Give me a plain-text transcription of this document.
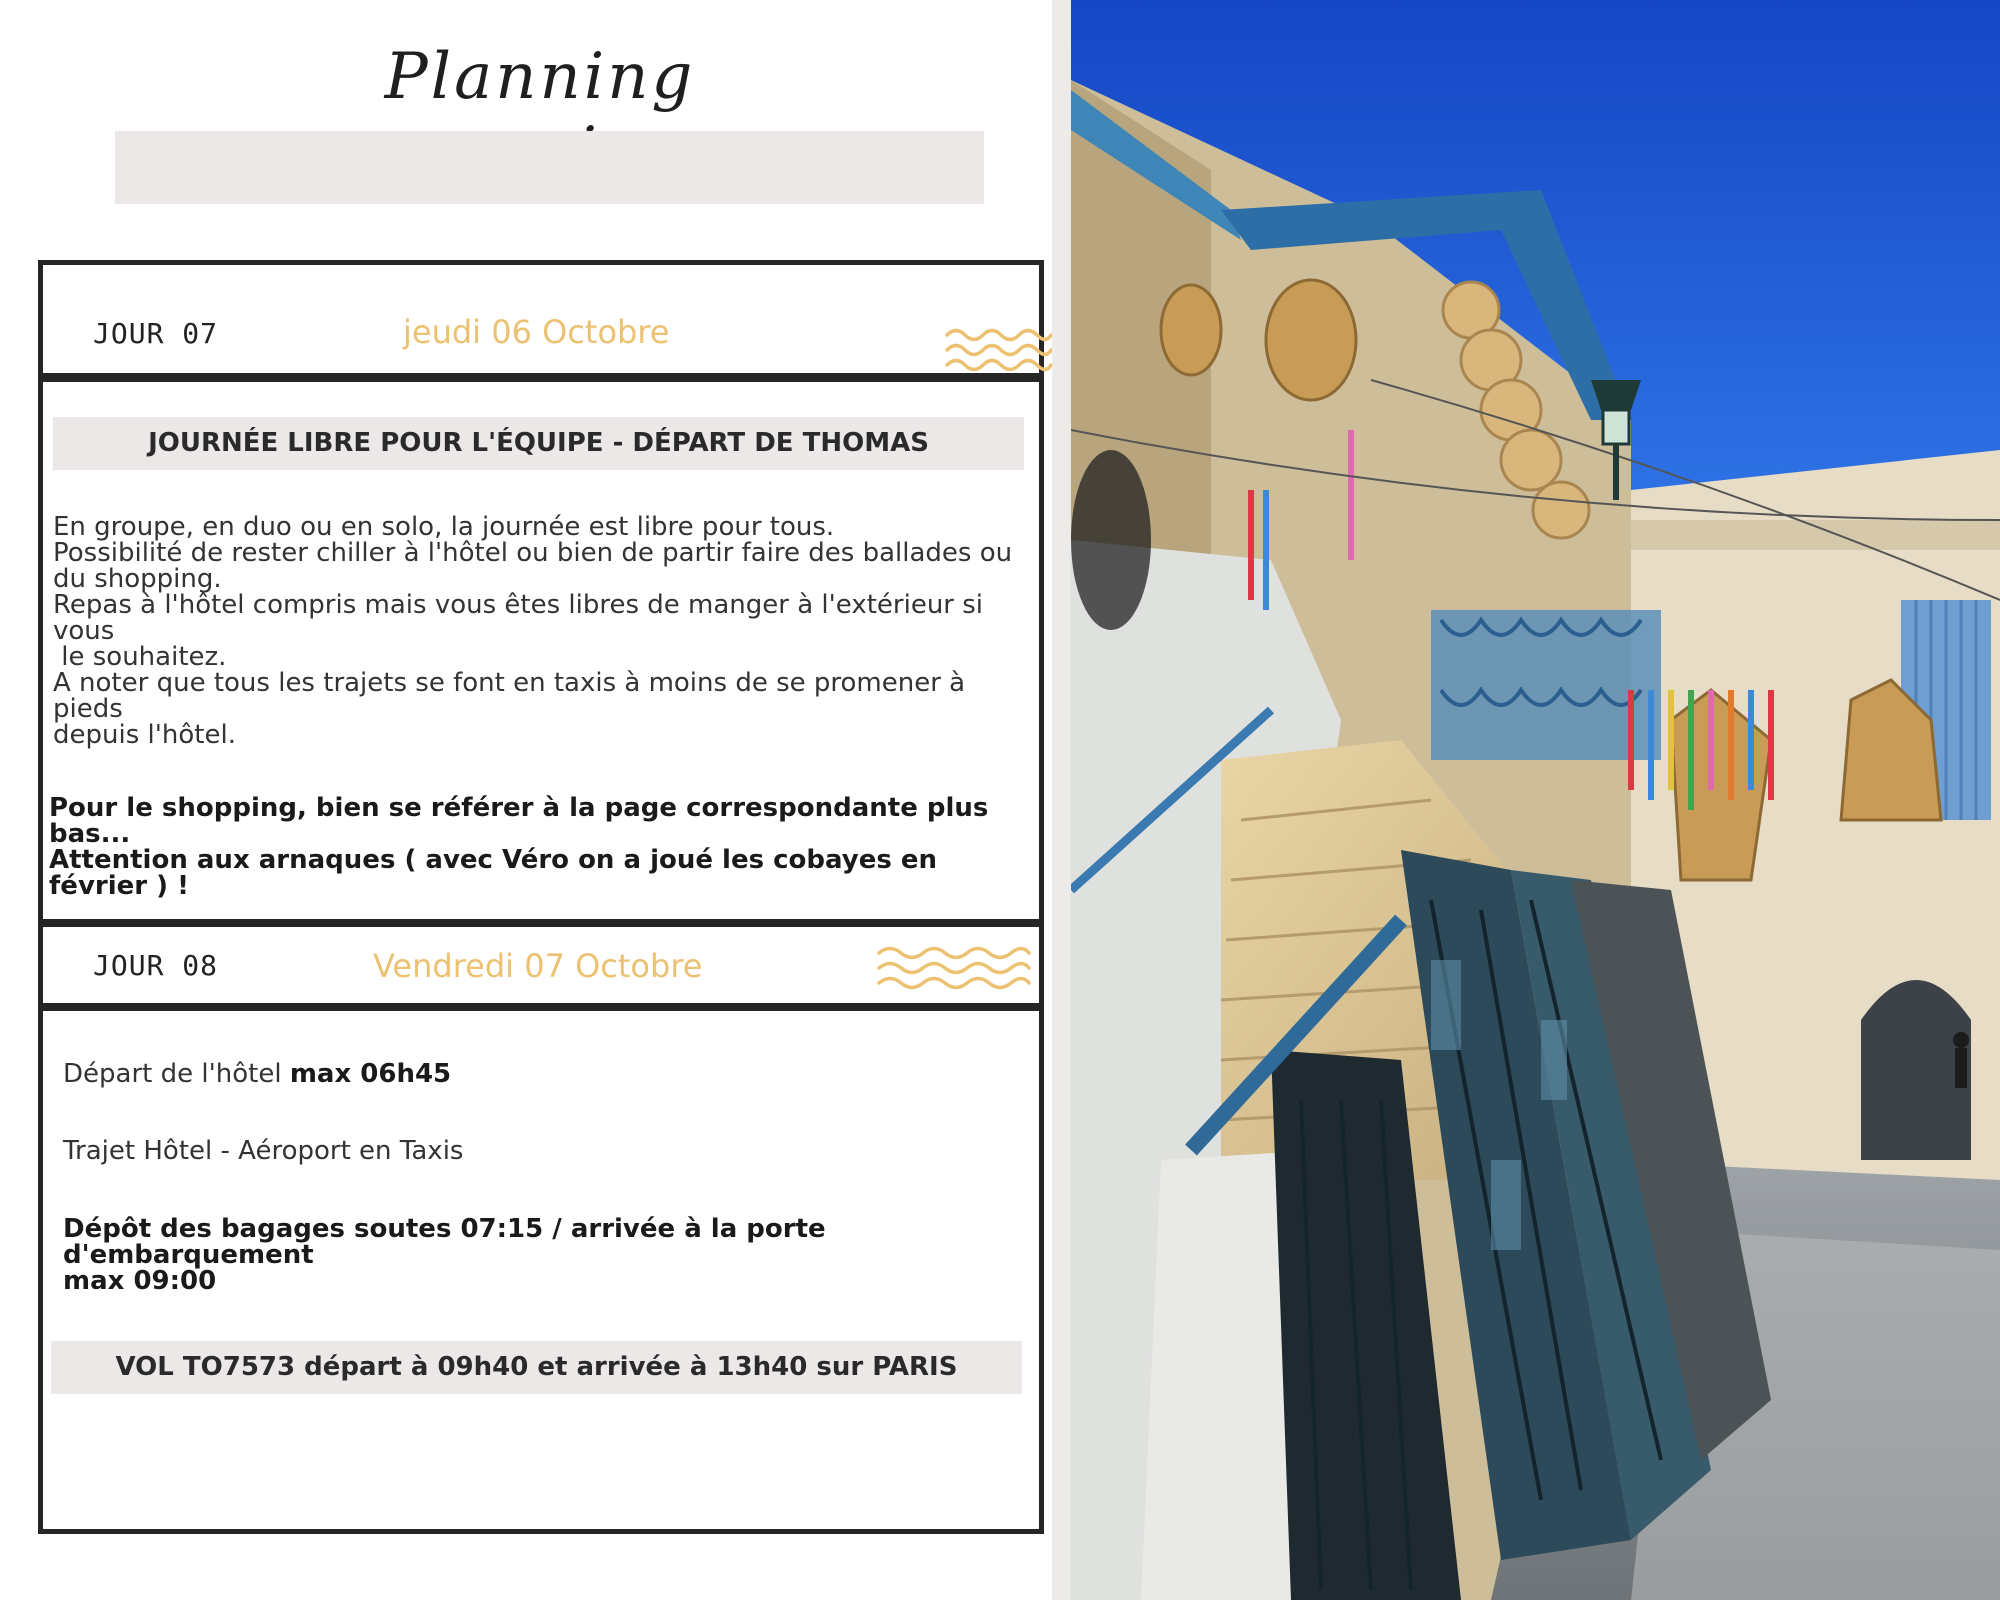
Planning
JOUR 07	jeudi 06 Octobre
JOURNÉE LIBRE POUR L'ÉQUIPE - DÉPART DE THOMAS
En groupe, en duo ou en solo, la journée est libre pour tous.
Possibilité de rester chiller à l'hôtel ou bien de partir faire des ballades ou du shopping.
Repas à l'hôtel compris mais vous êtes libres de manger à l'extérieur si vous
le souhaitez.
A noter que tous les trajets se font en taxis à moins de se promener à pieds
depuis l'hôtel.
Pour le shopping, bien se référer à la page correspondante plus bas...
Attention aux arnaques ( avec Véro on a joué les cobayes en février ) !
JOUR 08	Vendredi 07 Octobre
Départ de l'hôtel max 06h45
Trajet Hôtel - Aéroport en Taxis
Dépôt des bagages soutes 07:15 / arrivée à la porte d'embarquement
max 09:00
VOL TO7573 départ à 09h40 et arrivée à 13h40 sur PARIS
